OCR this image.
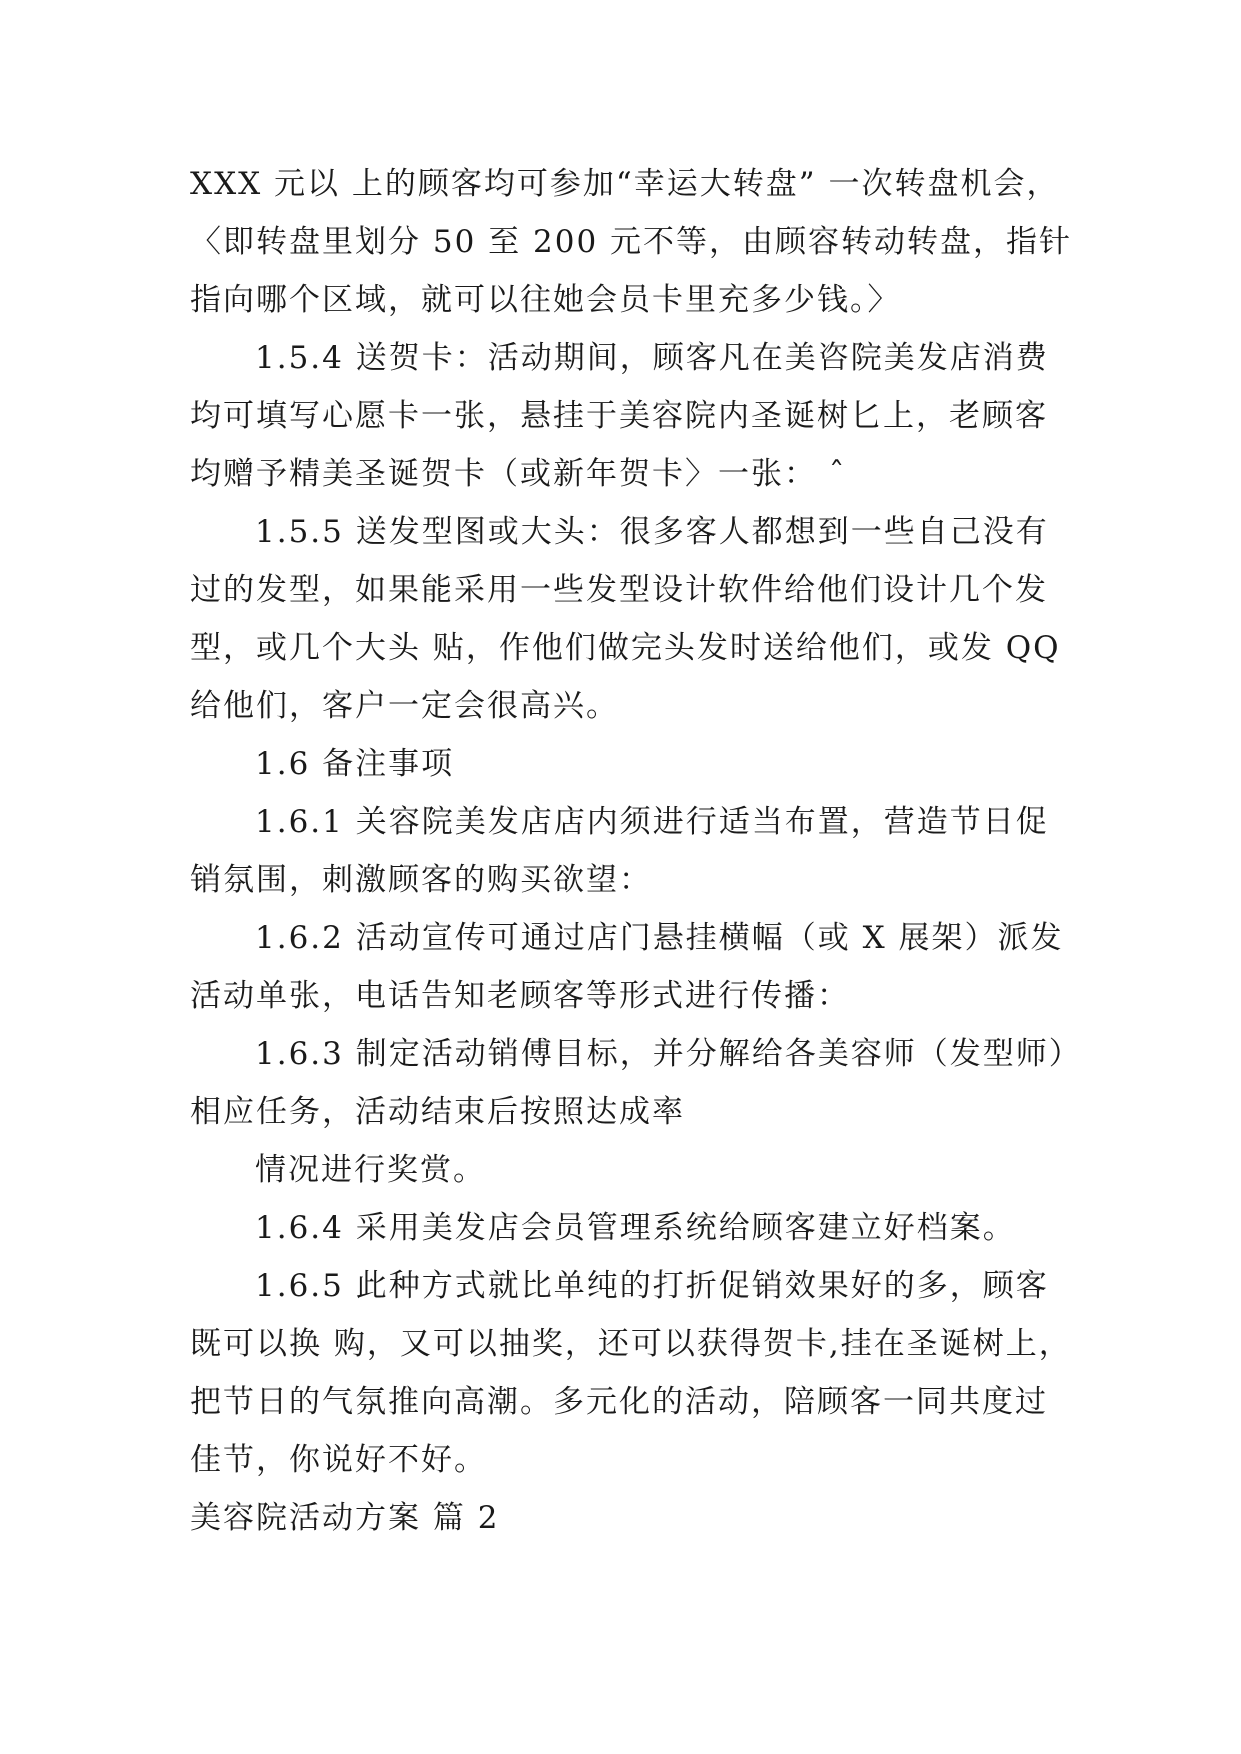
XXX 元以 上的顾客均可参加“幸运大转盘” 一次转盘机会，
〈即转盘里划分 50 至 200 元不等，由顾容转动转盘，指针
指向哪个区域，就可以往她会员卡里充多少钱。〉
1.5.4 送贺卡：活动期间，顾客凡在美咨院美发店消费
均可填写心愿卡一张，悬挂于美容院内圣诞树匕上，老顾客
均赠予精美圣诞贺卡（或新年贺卡〉一张： ˆ
1.5.5 送发型图或大头：很多客人都想到一些自己没有
过的发型，如果能采用一些发型设计软件给他们设计几个发
型，或几个大头 贴，作他们做完头发时送给他们，或发 QQ
给他们，客户一定会很高兴。
1.6 备注事项
1.6.1 关容院美发店店内须进行适当布置，营造节日促
销氛围，刺激顾客的购买欲望：
1.6.2 活动宣传可通过店门悬挂横幅（或 X 展架）派发
活动单张，电话告知老顾客等形式进行传播：
1.6.3 制定活动销傅目标，并分解给各美容师（发型师）
相应任务，活动结束后按照达成率
情况进行奖赏。
1.6.4 采用美发店会员管理系统给顾客建立好档案。
1.6.5 此种方式就比单纯的打折促销效果好的多，顾客
既可以换 购，又可以抽奖，还可以获得贺卡,挂在圣诞树上，
把节日的气氛推向高潮。多元化的活动，陪顾客一同共度过
佳节，你说好不好。
美容院活动方案 篇 2
